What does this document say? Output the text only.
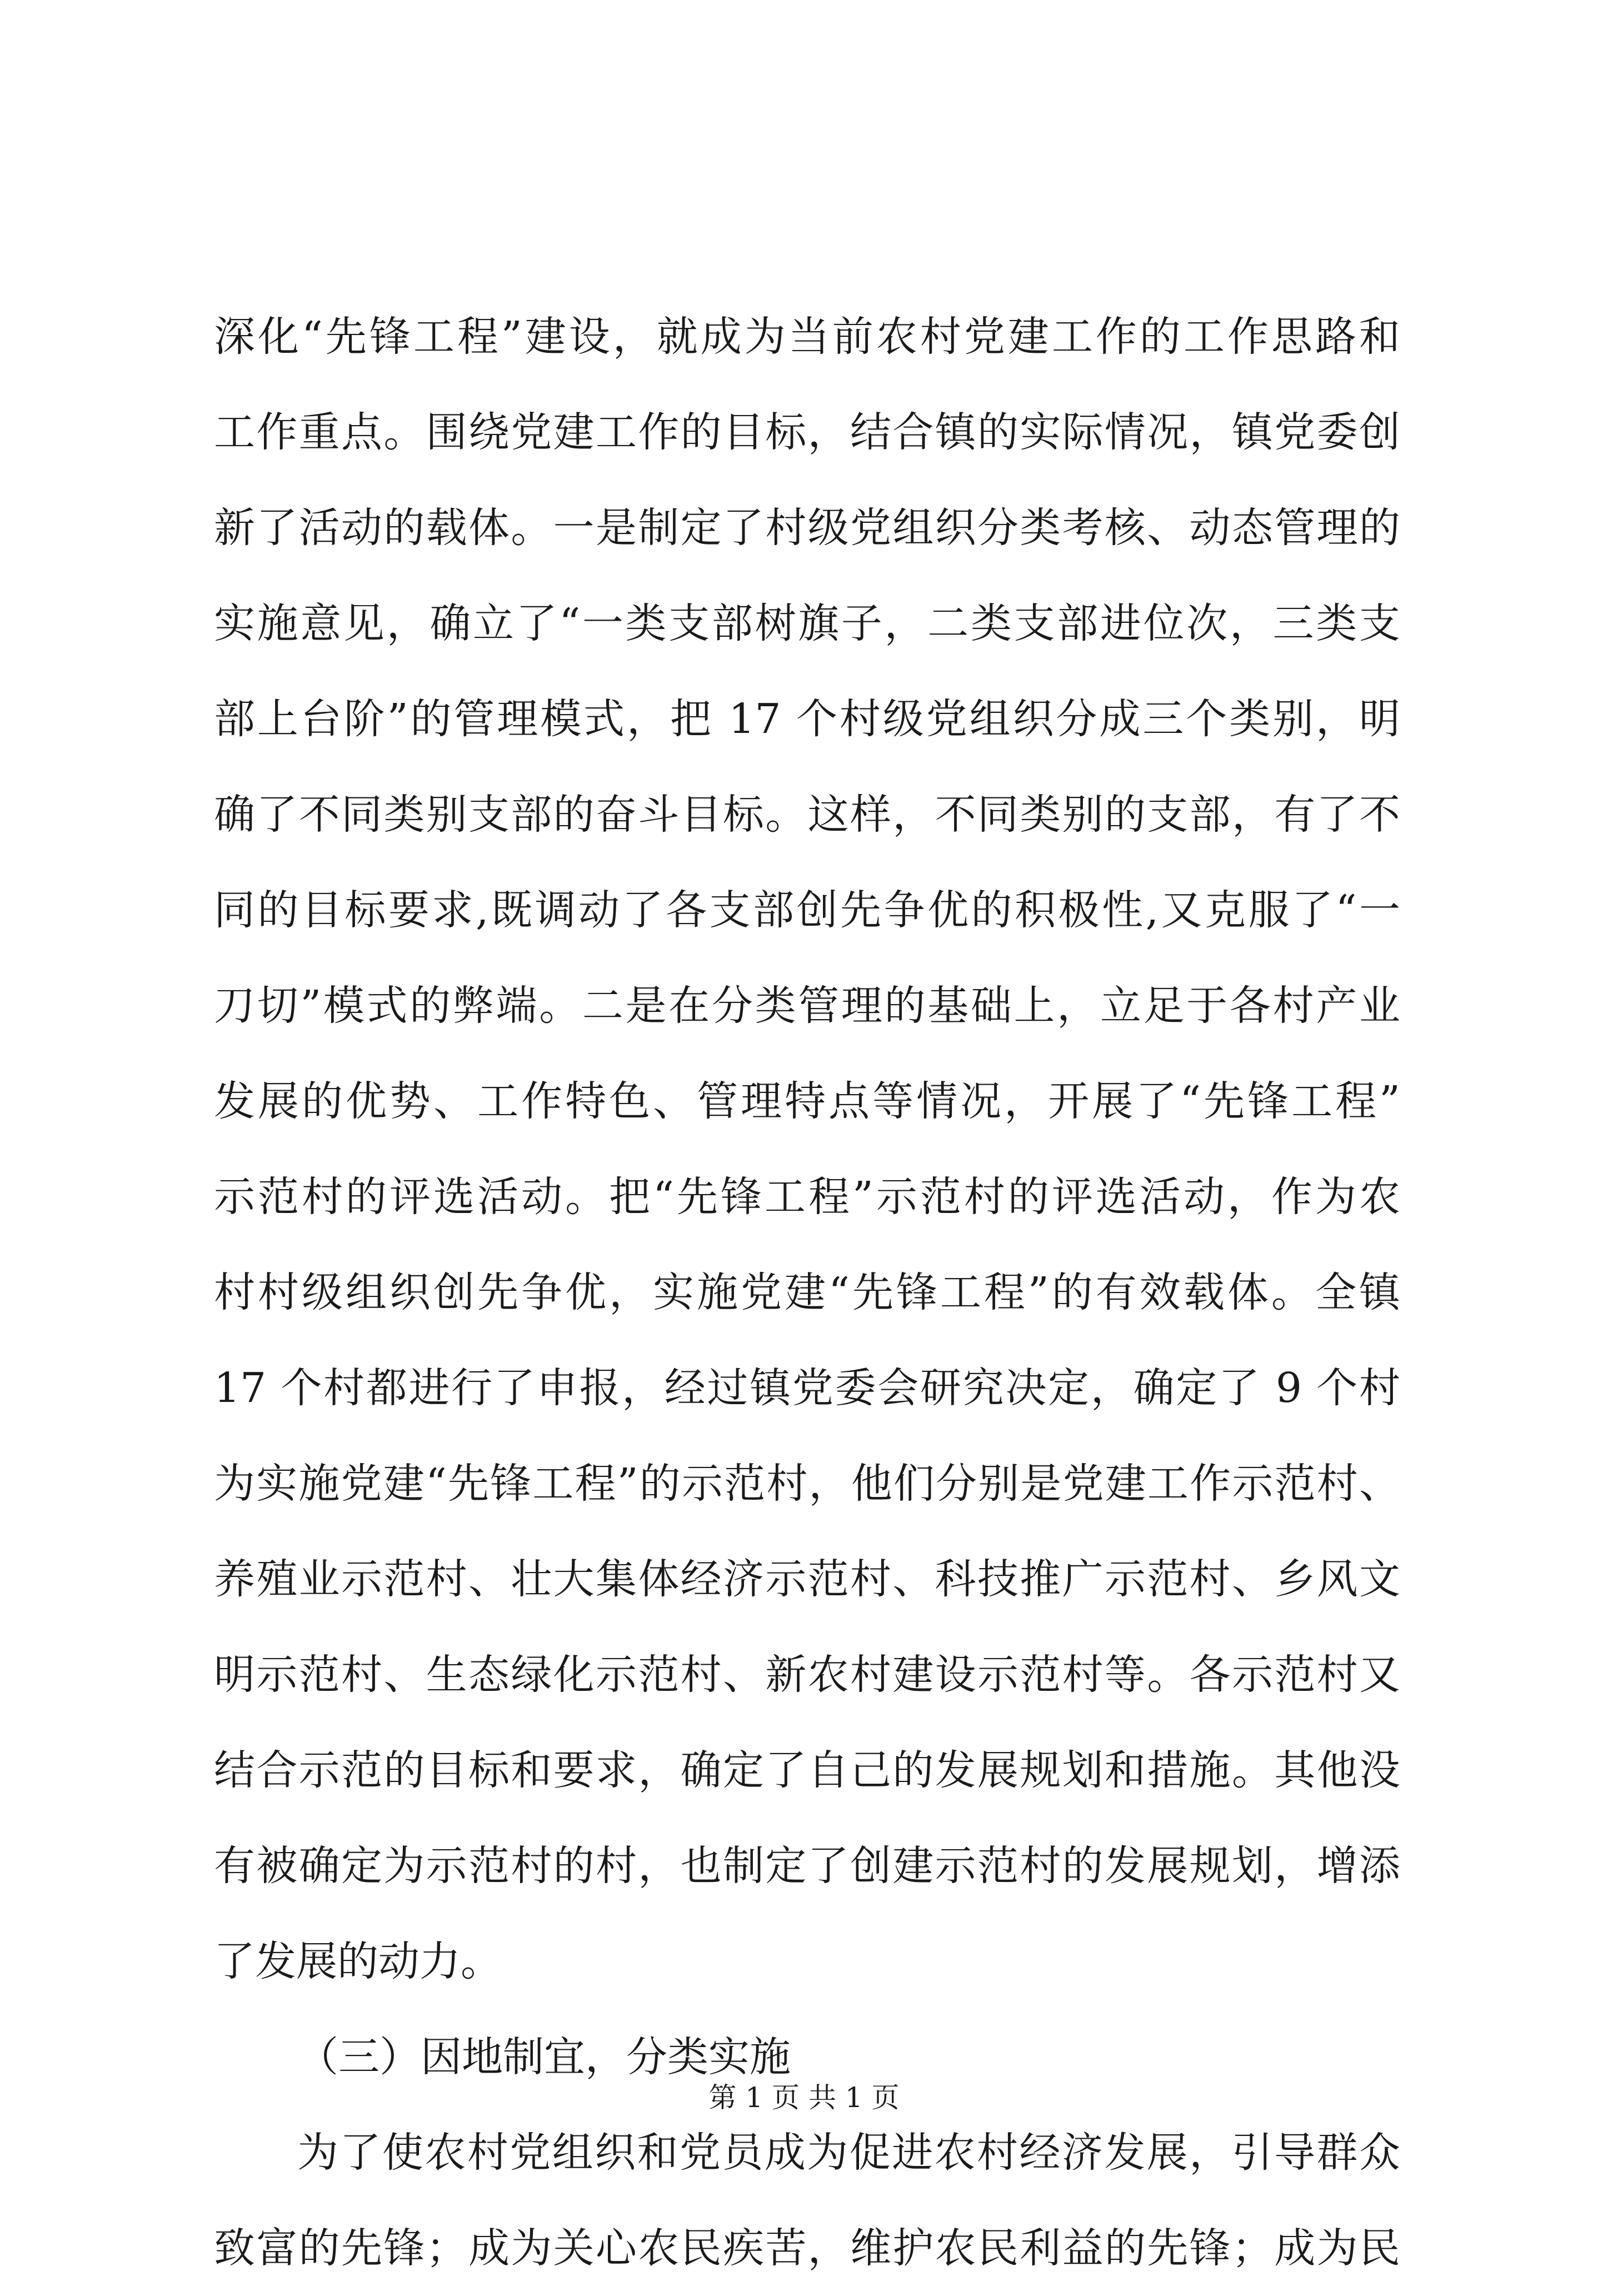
深化“先锋工程”建设，就成为当前农村党建工作的工作思路和
工作重点。围绕党建工作的目标，结合镇的实际情况，镇党委创
新了活动的载体。一是制定了村级党组织分类考核、动态管理的
实施意见，确立了“一类支部树旗子，二类支部进位次，三类支
部上台阶”的管理模式，把 17 个村级党组织分成三个类别，明
确了不同类别支部的奋斗目标。这样，不同类别的支部，有了不
同的目标要求,既调动了各支部创先争优的积极性,又克服了“一
刀切”模式的弊端。二是在分类管理的基础上，立足于各村产业
发展的优势、工作特色、管理特点等情况，开展了“先锋工程”
示范村的评选活动。把“先锋工程”示范村的评选活动，作为农
村村级组织创先争优，实施党建“先锋工程”的有效载体。全镇
17 个村都进行了申报，经过镇党委会研究决定，确定了 9 个村
为实施党建“先锋工程”的示范村，他们分别是党建工作示范村、
养殖业示范村、壮大集体经济示范村、科技推广示范村、乡风文
明示范村、生态绿化示范村、新农村建设示范村等。各示范村又
结合示范的目标和要求，确定了自己的发展规划和措施。其他没
有被确定为示范村的村，也制定了创建示范村的发展规划，增添
了发展的动力。
（三）因地制宜，分类实施
为了使农村党组织和党员成为促进农村经济发展，引导群众
致富的先锋；成为关心农民疾苦，维护农民利益的先锋；成为民
第 1 页 共 1 页
